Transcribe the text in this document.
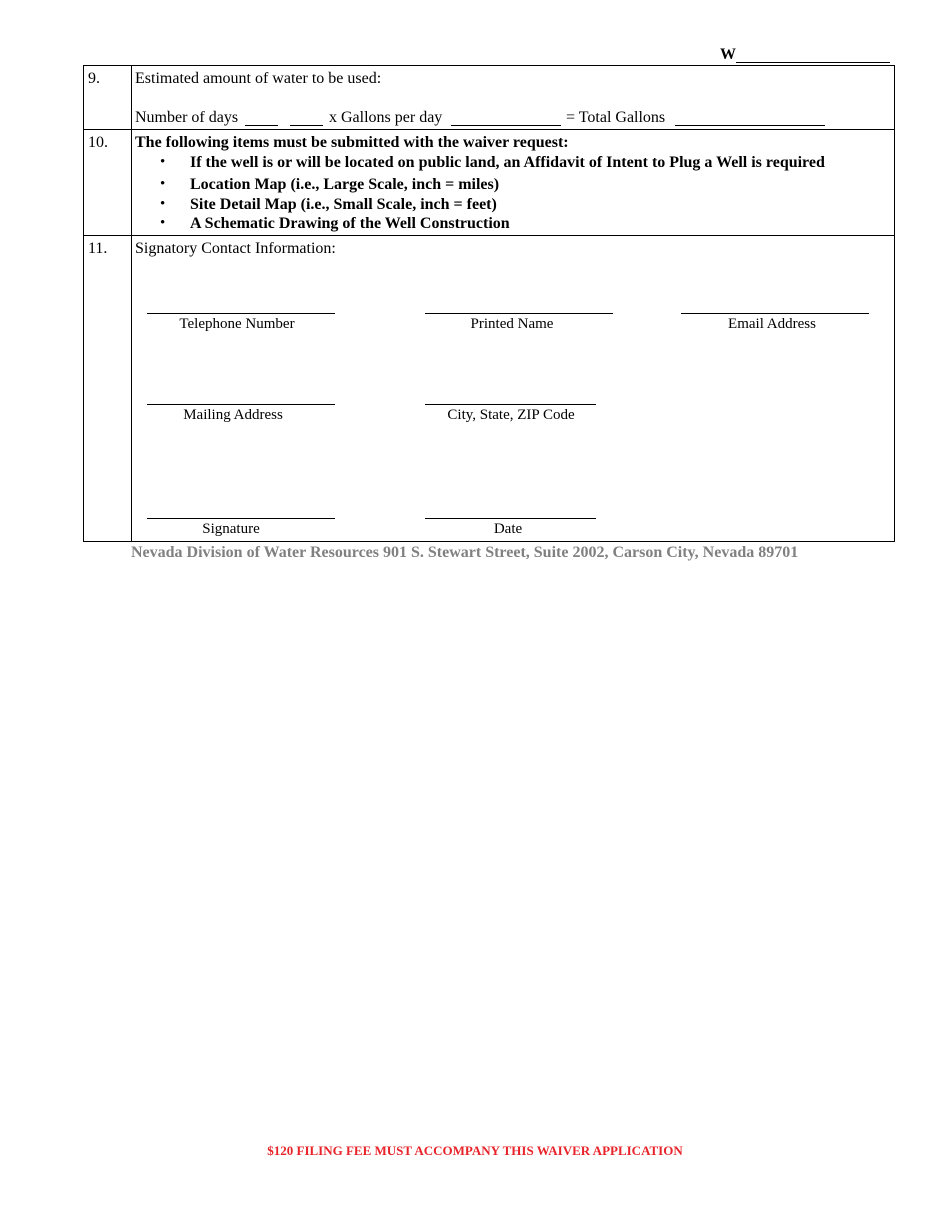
W
9. Estimated amount of water to be used:
Number of days	x Gallons per day	= Total Gallons
10. The following items must be submitted with the waiver request:
• If the well is or will be located on public land, an Affidavit of Intent to Plug a Well is required
• Location Map (i.e., Large Scale, inch = miles)
• Site Detail Map (i.e., Small Scale, inch = feet)
• A Schematic Drawing of the Well Construction
11. Signatory Contact Information:
Telephone Number	Printed Name	Email Address
Mailing Address	City, State, ZIP Code
Signature	Date
Nevada Division of Water Resources 901 S. Stewart Street, Suite 2002, Carson City, Nevada 89701
$120 FILING FEE MUST ACCOMPANY THIS WAIVER APPLICATION
